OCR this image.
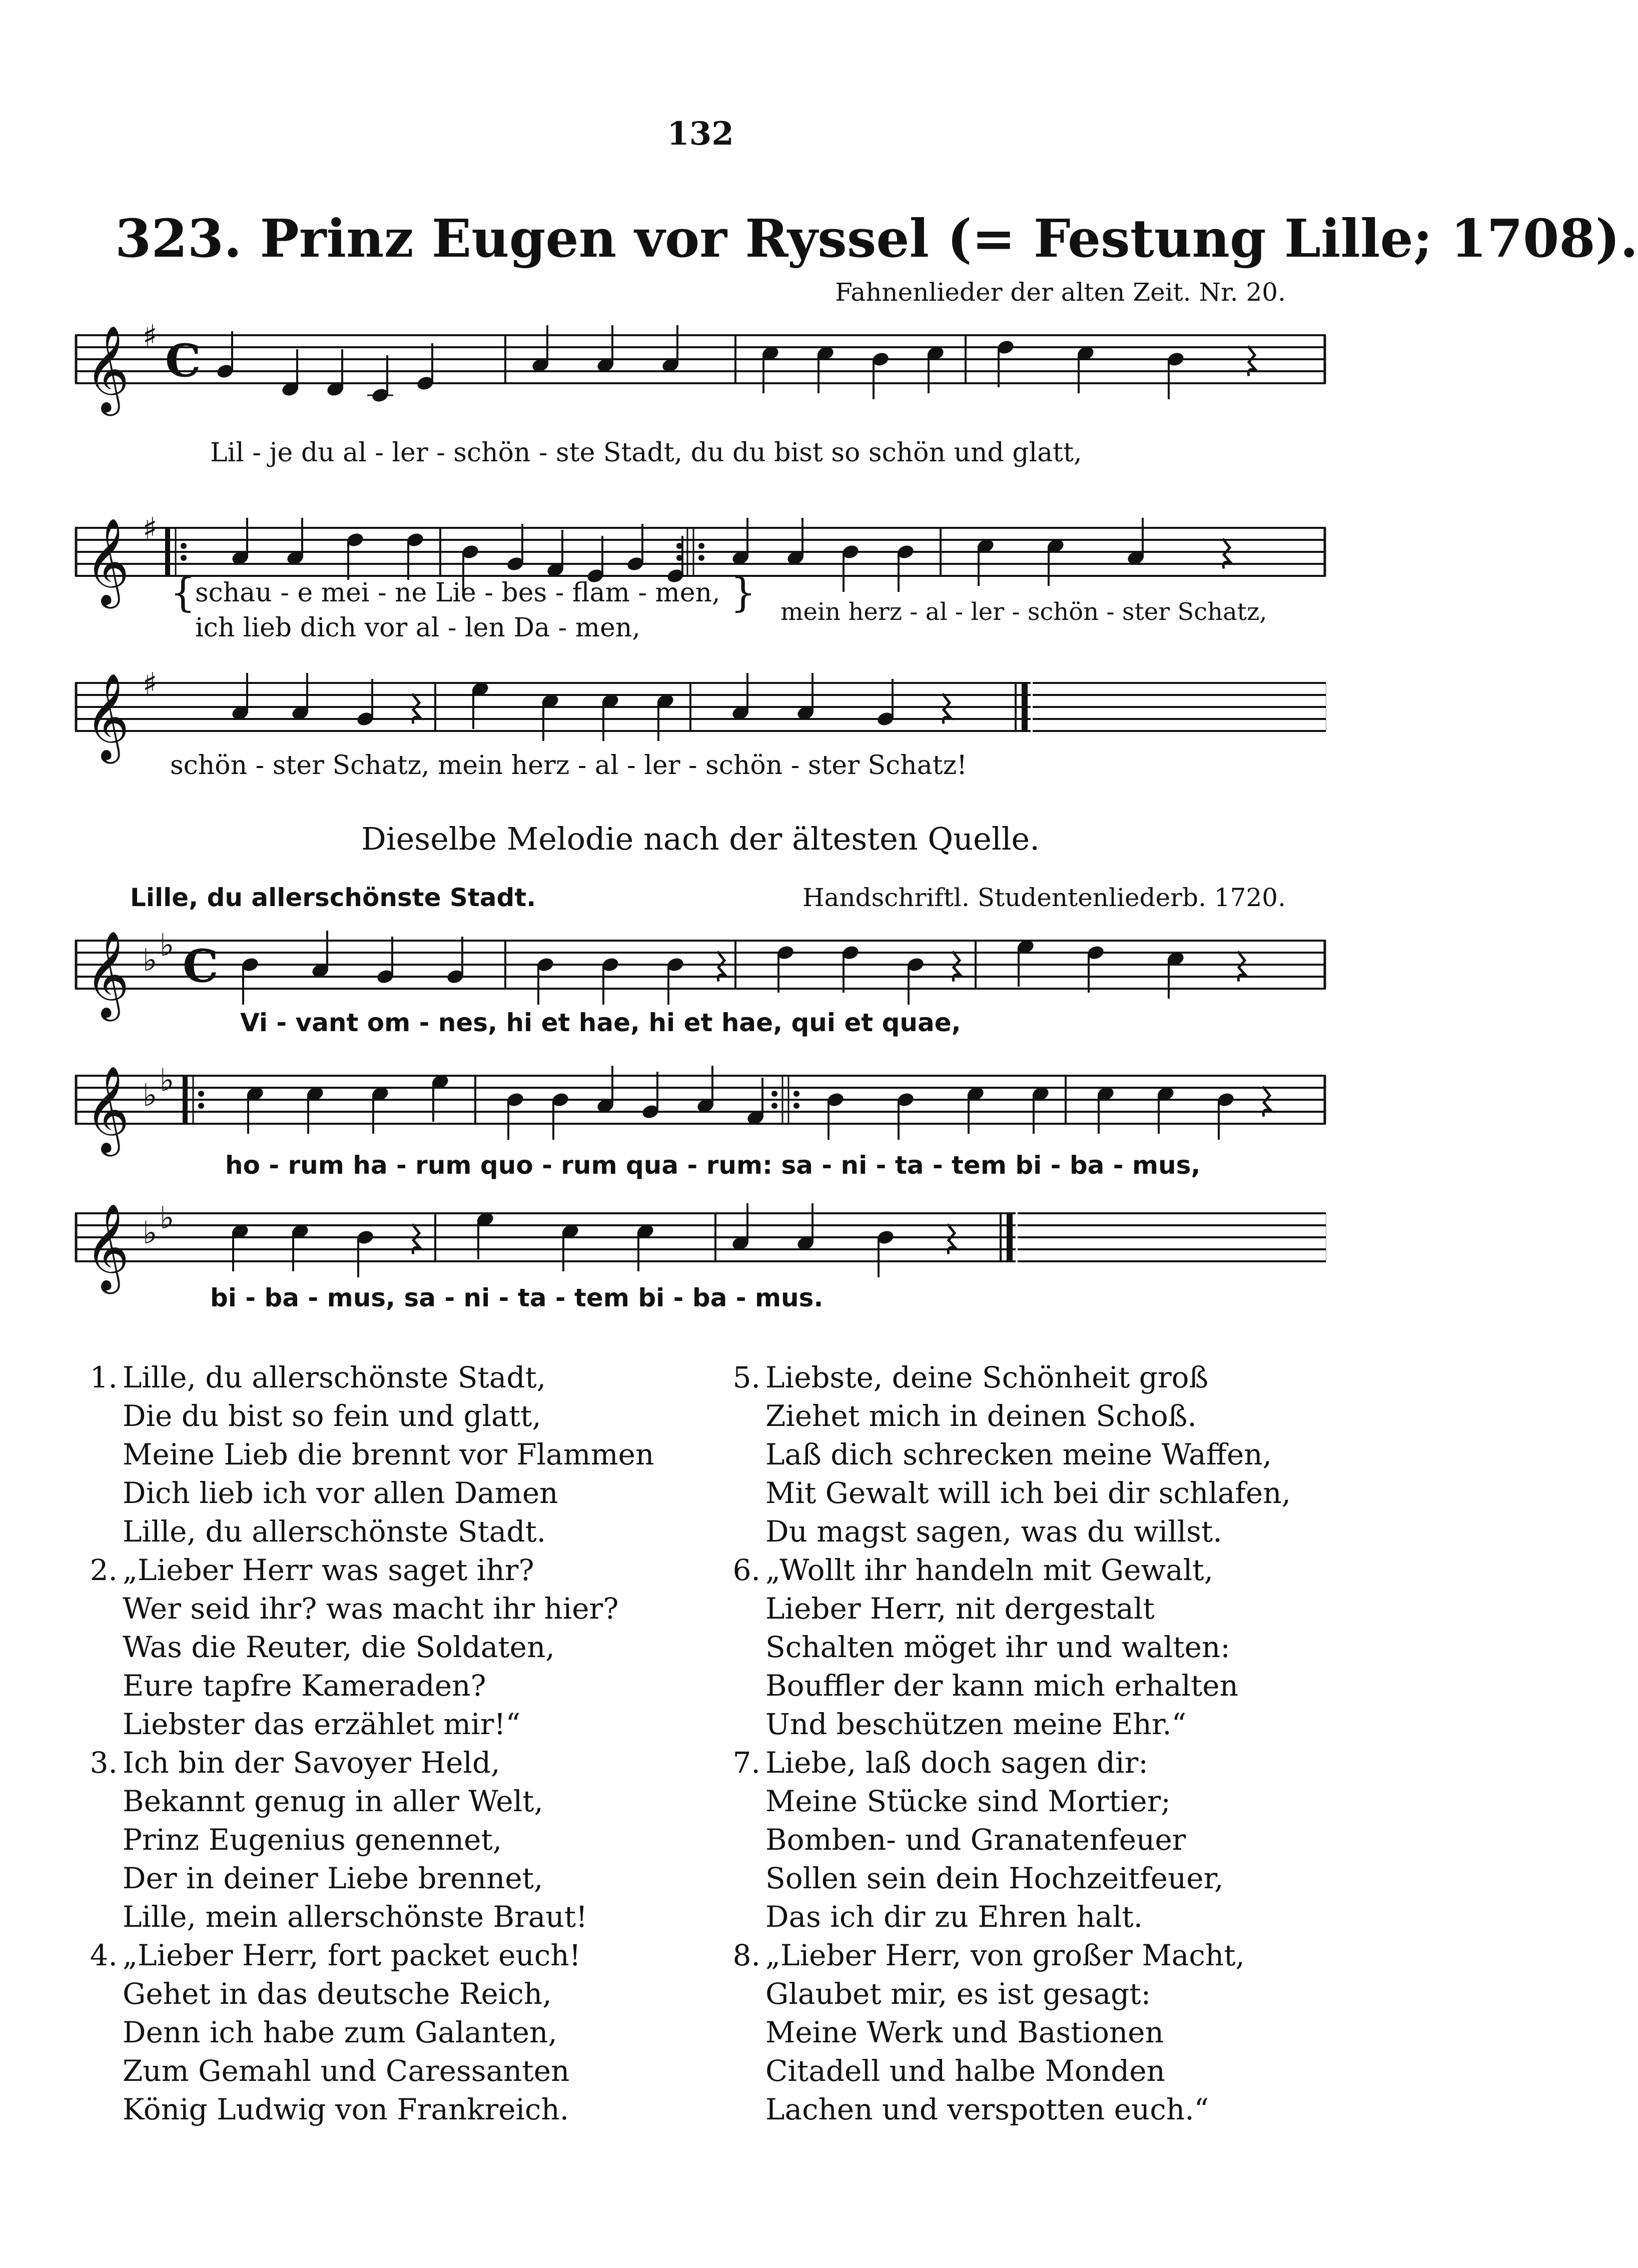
132
323. Prinz Eugen vor Ryssel (= Festung Lille; 1708).
Fahnenlieder der alten Zeit. Nr. 20.
𝄞 ♯ C
Lil - je du al - ler - schön - ste Stadt, du du bist so schön und glatt,
𝄞 ♯
{ schau - e mei - ne Lie - bes - flam - men,
ich lieb dich vor al - len Da - men,
} mein herz - al - ler - schön - ster Schatz,
𝄞 ♯
schön - ster Schatz, mein herz - al - ler - schön - ster Schatz!
Dieselbe Melodie nach der ältesten Quelle.
Lille, du allerschönste Stadt.	Handschriftl. Studentenliederb. 1720.
𝄞 ♭ ♭ C
Vi - vant om - nes, hi et hae, hi et hae, qui et quae,
𝄞 ♭ ♭
ho - rum ha - rum quo - rum qua - rum: sa - ni - ta - tem bi - ba - mus,
𝄞 ♭ ♭
bi - ba - mus, sa - ni - ta - tem bi - ba - mus.
1. Lille, du allerschönste Stadt,
Die du bist so fein und glatt,
Meine Lieb die brennt vor Flammen
Dich lieb ich vor allen Damen
Lille, du allerschönste Stadt.
2. „Lieber Herr was saget ihr?
Wer seid ihr? was macht ihr hier?
Was die Reuter, die Soldaten,
Eure tapfre Kameraden?
Liebster das erzählet mir!“
3. Ich bin der Savoyer Held,
Bekannt genug in aller Welt,
Prinz Eugenius genennet,
Der in deiner Liebe brennet,
Lille, mein allerschönste Braut!
4. „Lieber Herr, fort packet euch!
Gehet in das deutsche Reich,
Denn ich habe zum Galanten,
Zum Gemahl und Caressanten
König Ludwig von Frankreich.
5. Liebste, deine Schönheit groß
Ziehet mich in deinen Schoß.
Laß dich schrecken meine Waffen,
Mit Gewalt will ich bei dir schlafen,
Du magst sagen, was du willst.
6. „Wollt ihr handeln mit Gewalt,
Lieber Herr, nit dergestalt
Schalten möget ihr und walten:
Bouffler der kann mich erhalten
Und beschützen meine Ehr.“
7. Liebe, laß doch sagen dir:
Meine Stücke sind Mortier;
Bomben- und Granatenfeuer
Sollen sein dein Hochzeitfeuer,
Das ich dir zu Ehren halt.
8. „Lieber Herr, von großer Macht,
Glaubet mir, es ist gesagt:
Meine Werk und Bastionen
Citadell und halbe Monden
Lachen und verspotten euch.“
